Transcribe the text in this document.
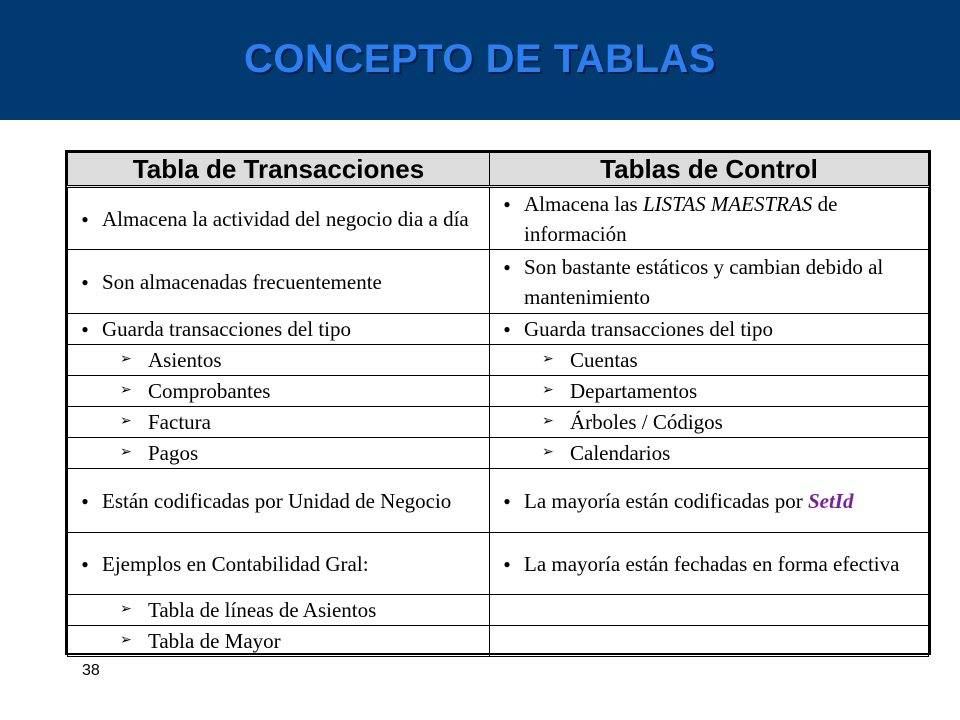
CONCEPTO DE TABLAS
Tabla de Transacciones	Tablas de Control

● Almacena la actividad del negocio dia a día	● Almacena las LISTAS MAESTRAS de información

● Son almacenadas frecuentemente	● Son bastante estáticos y cambian debido al mantenimiento

● Guarda transacciones del tipo	● Guarda transacciones del tipo

➢ Asientos	➢ Cuentas

➢ Comprobantes	➢ Departamentos

➢ Factura	➢ Árboles / Códigos

➢ Pagos	➢ Calendarios

● Están codificadas por Unidad de Negocio	● La mayoría están codificadas por SetId

● Ejemplos en Contabilidad Gral:	● La mayoría están fechadas en forma efectiva

➢ Tabla de líneas de Asientos	

➢ Tabla de Mayor	

38
